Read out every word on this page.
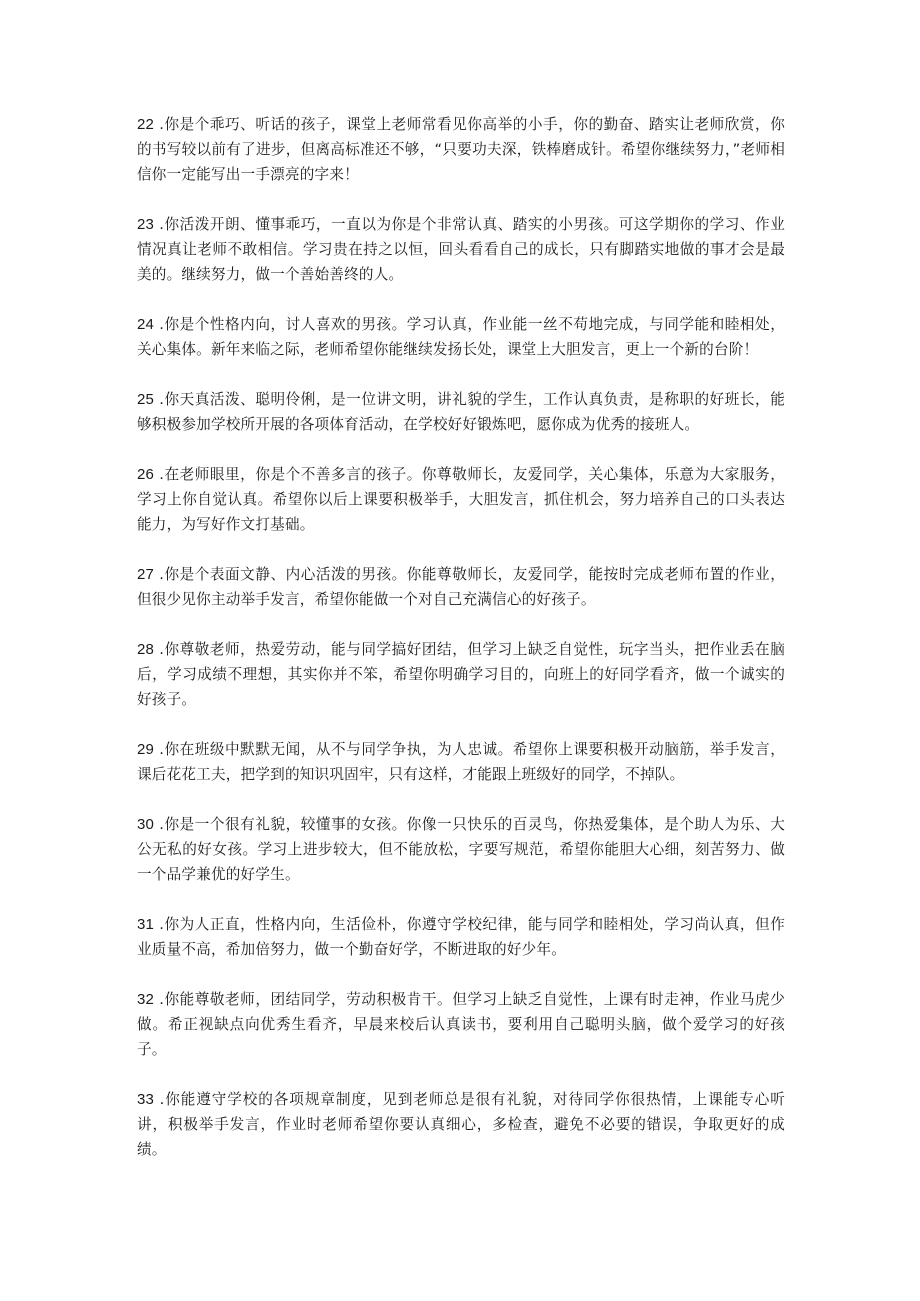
22 .你是个乖巧、听话的孩子，课堂上老师常看见你高举的小手，你的勤奋、踏实让老师欣赏，你的书写较以前有了进步，但离高标准还不够，“只要功夫深，铁棒磨成针。希望你继续努力，”老师相信你一定能写出一手漂亮的字来！

23 .你活泼开朗、懂事乖巧，一直以为你是个非常认真、踏实的小男孩。可这学期你的学习、作业情况真让老师不敢相信。学习贵在持之以恒，回头看看自己的成长，只有脚踏实地做的事才会是最美的。继续努力，做一个善始善终的人。

24 .你是个性格内向，讨人喜欢的男孩。学习认真，作业能一丝不苟地完成，与同学能和睦相处，关心集体。新年来临之际，老师希望你能继续发扬长处，课堂上大胆发言，更上一个新的台阶！

25 .你天真活泼、聪明伶俐，是一位讲文明，讲礼貌的学生，工作认真负责，是称职的好班长，能够积极参加学校所开展的各项体育活动，在学校好好锻炼吧，愿你成为优秀的接班人。

26 .在老师眼里，你是个不善多言的孩子。你尊敬师长，友爱同学，关心集体，乐意为大家服务，学习上你自觉认真。希望你以后上课要积极举手，大胆发言，抓住机会，努力培养自己的口头表达能力，为写好作文打基础。

27 .你是个表面文静、内心活泼的男孩。你能尊敬师长，友爱同学，能按时完成老师布置的作业，但很少见你主动举手发言，希望你能做一个对自己充满信心的好孩子。

28 .你尊敬老师，热爱劳动，能与同学搞好团结，但学习上缺乏自觉性，玩字当头，把作业丢在脑后，学习成绩不理想，其实你并不笨，希望你明确学习目的，向班上的好同学看齐，做一个诚实的好孩子。

29 .你在班级中默默无闻，从不与同学争执，为人忠诚。希望你上课要积极开动脑筋，举手发言，课后花花工夫，把学到的知识巩固牢，只有这样，才能跟上班级好的同学，不掉队。

30 .你是一个很有礼貌，较懂事的女孩。你像一只快乐的百灵鸟，你热爱集体，是个助人为乐、大公无私的好女孩。学习上进步较大，但不能放松，字要写规范，希望你能胆大心细，刻苦努力、做一个品学兼优的好学生。

31 .你为人正直，性格内向，生活俭朴，你遵守学校纪律，能与同学和睦相处，学习尚认真，但作业质量不高，希加倍努力，做一个勤奋好学，不断进取的好少年。

32 .你能尊敬老师，团结同学，劳动积极肯干。但学习上缺乏自觉性，上课有时走神，作业马虎少做。希正视缺点向优秀生看齐，早晨来校后认真读书，要利用自己聪明头脑，做个爱学习的好孩子。

33 .你能遵守学校的各项规章制度，见到老师总是很有礼貌，对待同学你很热情，上课能专心听讲，积极举手发言，作业时老师希望你要认真细心，多检查，避免不必要的错误，争取更好的成绩。
